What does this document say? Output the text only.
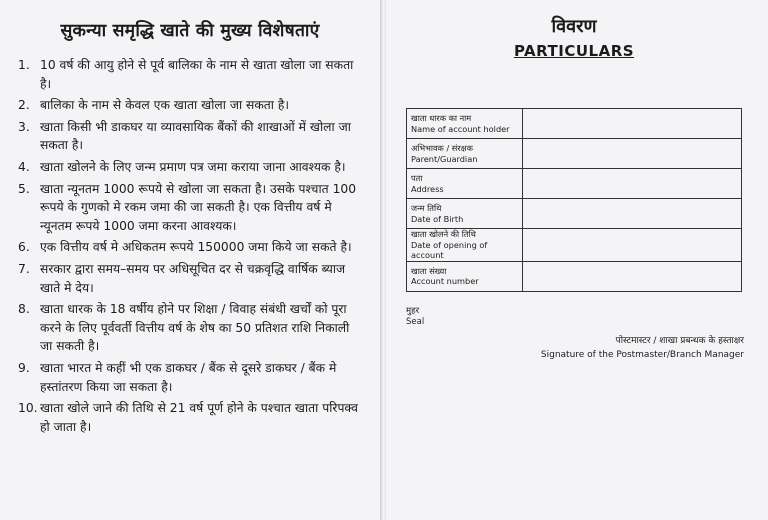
सुकन्या समृद्धि खाते की मुख्य विशेषताएं
1. 10 वर्ष की आयु होने से पूर्व बालिका के नाम से खाता खोला जा सकता है।
2. बालिका के नाम से केवल एक खाता खोला जा सकता है।
3. खाता किसी भी डाकघर या व्यावसायिक बैंकों की शाखाओं में खोला जा सकता है।
4. खाता खोलने के लिए जन्म प्रमाण पत्र जमा कराया जाना आवश्यक है।
5. खाता न्यूनतम 1000 रूपये से खोला जा सकता है। उसके पश्चात 100 रूपये के गुणको मे रकम जमा की जा सकती है। एक वित्तीय वर्ष मे न्यूनतम रूपये 1000 जमा करना आवश्यक।
6. एक वित्तीय वर्ष मे अधिकतम रूपये 150000 जमा किये जा सकते है।
7. सरकार द्वारा समय–समय पर अधिसूचित दर से चक्रवृद्धि वार्षिक ब्याज खाते मे देय।
8. खाता धारक के 18 वर्षीय होने पर शिक्षा / विवाह संबंधी खर्चों को पूरा करने के लिए पूर्ववर्ती वित्तीय वर्ष के शेष का 50 प्रतिशत राशि निकाली जा सकती है।
9. खाता भारत मे कहीं भी एक डाकघर / बैंक से दूसरे डाकघर / बैंक मे हस्तांतरण किया जा सकता है।
10. खाता खोले जाने की तिथि से 21 वर्ष पूर्ण होने के पश्चात खाता परिपक्व हो जाता है।
विवरण
PARTICULARS
खाता धारक का नाम
Name of account holder	

अभिभावक / संरक्षक
Parent/Guardian	

पता
Address	

जन्म तिथि
Date of Birth	

खाता खोलने की तिथि
Date of opening of account	

खाता संख्या
Account number	

मुहर
Seal
पोस्टमास्टर / शाखा प्रबन्धक के हस्ताक्षर
Signature of the Postmaster/Branch Manager
